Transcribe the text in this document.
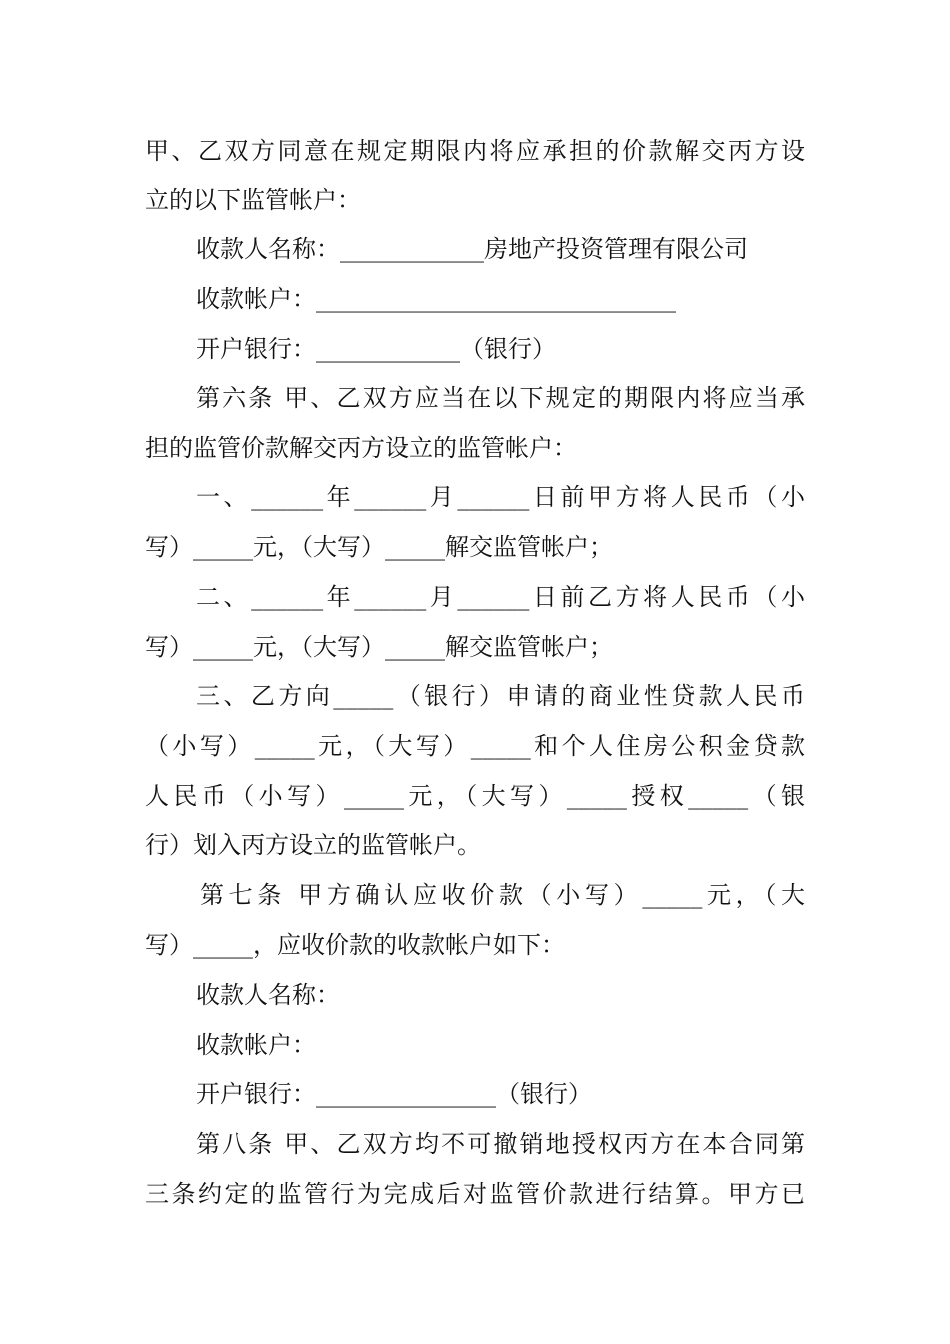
甲、乙双方同意在规定期限内将应承担的价款解交丙方设
立的以下监管帐户：
收款人名称：____________房地产投资管理有限公司
收款帐户：______________________________
开户银行：____________（银行）
第六条 甲、乙双方应当在以下规定的期限内将应当承
担的监管价款解交丙方设立的监管帐户：
一、______年______月______日前甲方将人民币（小
写）_____元，（大写）_____解交监管帐户；
二、______年______月______日前乙方将人民币（小
写）_____元，（大写）_____解交监管帐户；
三、乙方向_____（银行）申请的商业性贷款人民币
（小写）_____元，（大写）_____和个人住房公积金贷款
人民币（小写）_____元，（大写）_____授权_____（银
行）划入丙方设立的监管帐户。
第七条 甲方确认应收价款（小写）_____元，（大
写）_____，应收价款的收款帐户如下：
收款人名称：
收款帐户：
开户银行：_______________（银行）
第八条 甲、乙双方均不可撤销地授权丙方在本合同第
三条约定的监管行为完成后对监管价款进行结算。甲方已
